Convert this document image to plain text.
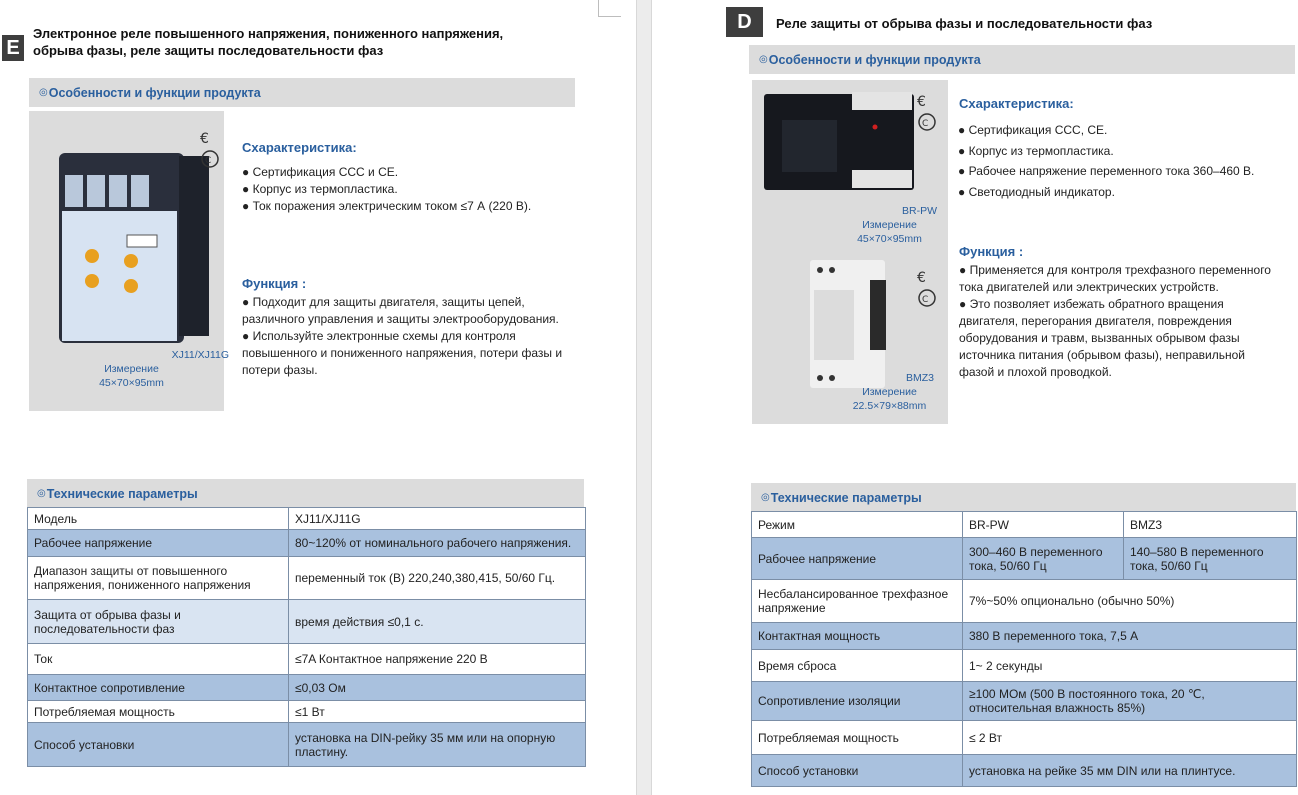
E
Электронное реле повышенного напряжения, пониженного напряжения,
обрыва фазы, реле защиты последовательности фаз
◎ Особенности и функции продукта
€
C
XJ11/XJ11G
Измерение
45×70×95mm
Схарактеристика:
● Сертификация CCC и CE.
● Корпус из термопластика.
● Ток поражения электрическим током ≤7 А (220 В).
Функция :
● Подходит для защиты двигателя, защиты цепей,
различного управления и защиты электрооборудования.
● Используйте электронные схемы для контроля
повышенного и пониженного напряжения, потери фазы и
потери фазы.
◎ Технические параметры
Модель	XJ11/XJ11G
Рабочее напряжение	80~120% от номинального рабочего напряжения.
Диапазон защиты от повышенного напряжения, пониженного напряжения	переменный ток (В) 220,240,380,415, 50/60 Гц.
Защита от обрыва фазы и последовательности фаз	время действия ≤0,1 с.
Ток	≤7A Контактное напряжение 220 В
Контактное сопротивление	≤0,03 Ом
Потребляемая мощность	≤1 Вт
Способ установки	установка на DIN-рейку 35 мм или на опорную пластину.
D	Реле защиты от обрыва фазы и последовательности фаз
◎ Особенности и функции продукта
€
C
€
C
BR-PW
Измерение
45×70×95mm
BMZ3
Измерение
22.5×79×88mm
Схарактеристика:
● Сертификация CCC, CE.
● Корпус из термопластика.
● Рабочее напряжение переменного тока 360–460 В.
● Светодиодный индикатор.
Функция :
● Применяется для контроля трехфазного переменного
тока двигателей или электрических устройств.
● Это позволяет избежать обратного вращения
двигателя, перегорания двигателя, повреждения
оборудования и травм, вызванных обрывом фазы
источника питания (обрывом фазы), неправильной
фазой и плохой проводкой.
◎ Технические параметры
Режим	BR-PW	BMZ3
Рабочее напряжение	300–460 В переменного тока, 50/60 Гц	140–580 В переменного тока, 50/60 Гц
Несбалансированное трехфазное напряжение	7%~50% опционально (обычно 50%)	
Контактная мощность	380 В переменного тока, 7,5 А	
Время сброса	1~ 2 секунды	
Сопротивление изоляции	≥100 МОм (500 В постоянного тока, 20 ℃, относительная влажность 85%)	
Потребляемая мощность	≤ 2 Вт	
Способ установки	установка на рейке 35 мм DIN или на плинтусе.	
